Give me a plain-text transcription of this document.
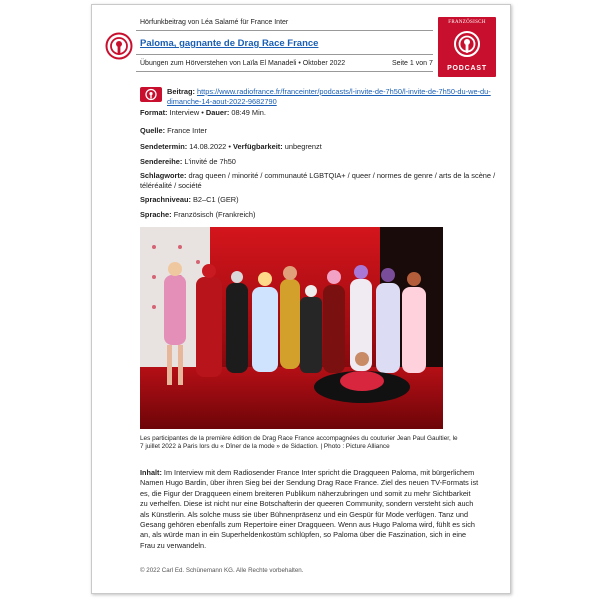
Hörfunkbeitrag von Léa Salamé für France Inter
Paloma, gagnante de Drag Race France
Übungen zum Hörverstehen von Laïla El Manadeli • Oktober 2022	Seite 1 von 7
FRANZÖSISCH
PODCAST
Beitrag: https://www.radiofrance.fr/franceinter/podcasts/l-invite-de-7h50/l-invite-de-7h50-du-we-du-dimanche-14-aout-2022-9682790
Format: Interview • Dauer: 08:49 Min.
Quelle: France Inter
Sendetermin: 14.08.2022 • Verfügbarkeit: unbegrenzt
Sendereihe: L'invité de 7h50
Schlagworte: drag queen / minorité / communauté LGBTQIA+ / queer / normes de genre / arts de la scène / téléréalité / société
Sprachniveau: B2–C1 (GER)
Sprache: Französisch (Frankreich)
Les participantes de la première édition de Drag Race France accompagnées du couturier Jean Paul Gaultier, le 7 juillet 2022 à Paris lors du « Dîner de la mode » de Sidaction. | Photo : Picture Alliance
Inhalt: Im Interview mit dem Radiosender France Inter spricht die Dragqueen Paloma, mit bürgerlichem Namen Hugo Bardin, über ihren Sieg bei der Sendung Drag Race France. Ziel des neuen TV-Formats ist es, die Figur der Dragqueen einem breiteren Publikum näherzubringen und somit zu mehr Sichtbarkeit zu verhelfen. Diese ist nicht nur eine Botschafterin der queeren Community, sondern versteht sich auch als Künstlerin. Als solche muss sie über Bühnenpräsenz und ein Gespür für Mode verfügen. Tanz und Gesang gehören ebenfalls zum Repertoire einer Dragqueen. Wenn aus Hugo Paloma wird, fühlt es sich an, als würde man in ein Superheldenkostüm schlüpfen, so Paloma über die Faszination, sich in eine Frau zu verwandeln.
© 2022 Carl Ed. Schünemann KG. Alle Rechte vorbehalten.
